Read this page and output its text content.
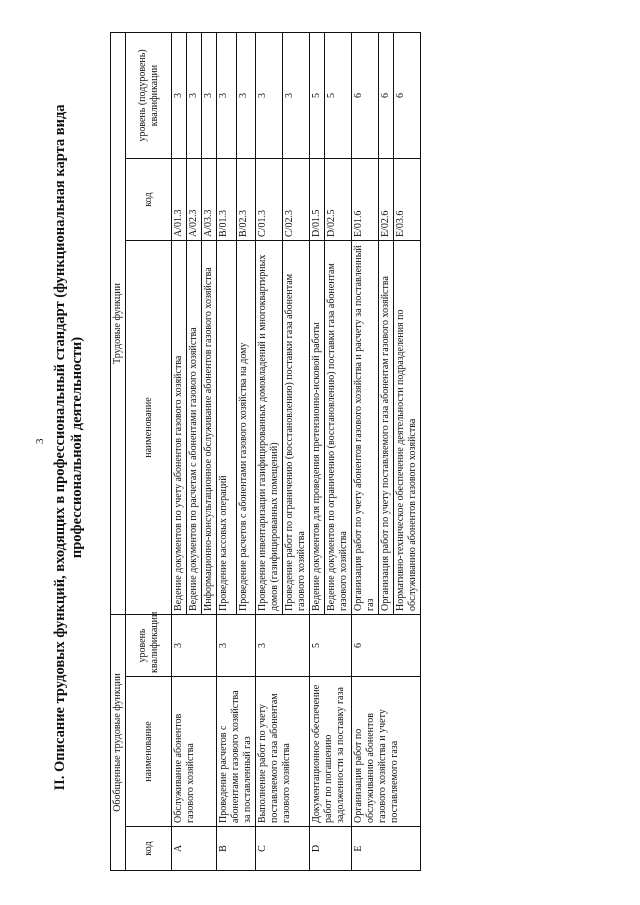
3 II. Описание трудовых функций, входящих в профессиональный стандарт (функциональная карта вида профессиональной деятельности)
Обобщенные трудовые функции			Трудовые функции		
код	наименование	уровень квалификации	наименование	код	уровень (подуровень) квалификации
A	Обслуживание абонентов газового хозяйства	3	Ведение документов по учету абонентов газового хозяйства	A/01.3	3
			Ведение документов по расчетам с абонентами газового хозяйства	A/02.3	3
			Информационно-консультационное обслуживание абонентов газового хозяйства	A/03.3	3
B	Проведение расчетов с абонентами газового хозяйства за поставленный газ	3	Проведение кассовых операций	B/01.3	3
			Проведение расчетов с абонентами газового хозяйства на дому	B/02.3	3
C	Выполнение работ по учету поставляемого газа абонентам газового хозяйства	3	Проведение инвентаризации газифицированных домовладений и многоквартирных домов (газифицированных помещений)	C/01.3	3
			Проведение работ по ограничению (восстановлению) поставки газа абонентам газового хозяйства	C/02.3	3
D	Документационное обеспечение работ по погашению задолженности за поставку газа	5	Ведение документов для проведения претензионно-исковой работы	D/01.5	5
			Ведение документов по ограничению (восстановлению) поставки газа абонентам газового хозяйства	D/02.5	5
E	Организация работ по обслуживанию абонентов газового хозяйства и учету поставляемого газа	6	Организация работ по учету абонентов газового хозяйства и расчету за поставленный газ	E/01.6	6
			Организация работ по учету поставляемого газа абонентам газового хозяйства	E/02.6	6
			Нормативно-техническое обеспечение деятельности подразделения по обслуживанию абонентов газового хозяйства	E/03.6	6
